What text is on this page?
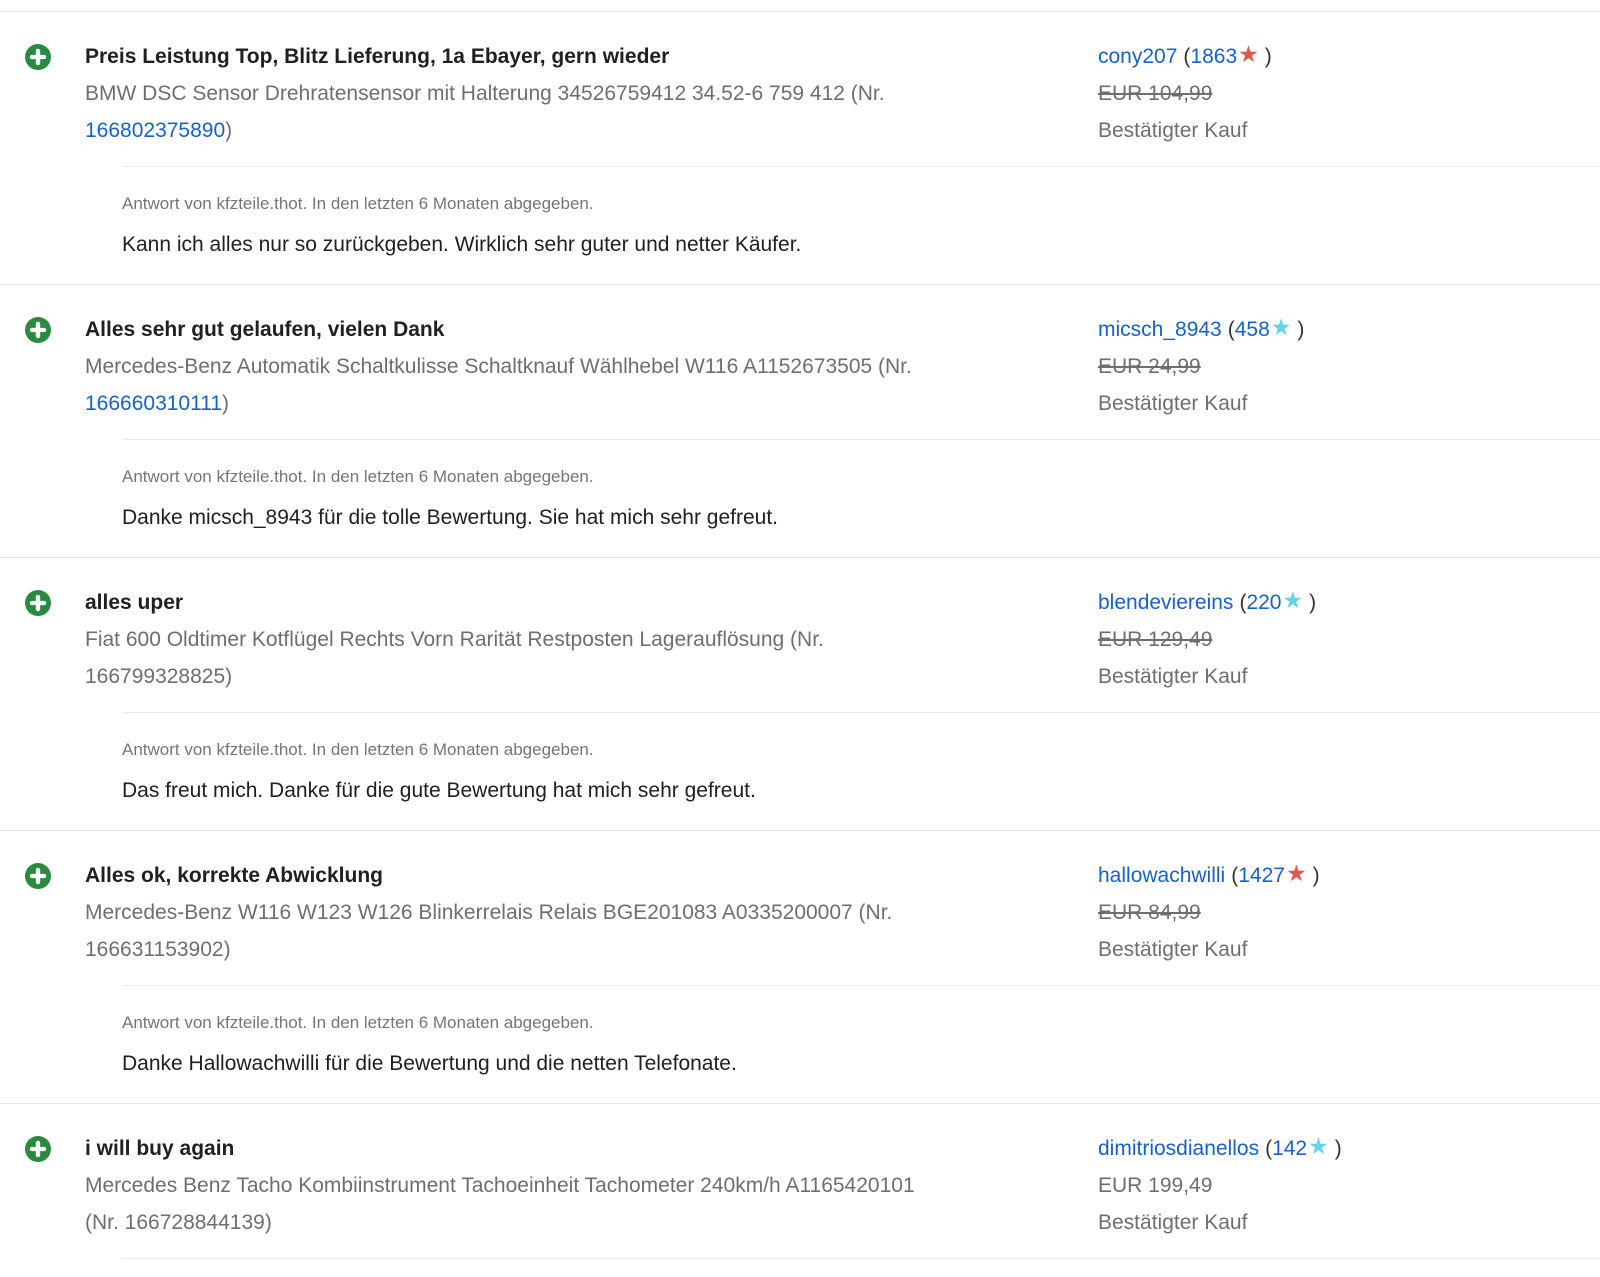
Preis Leistung Top, Blitz Lieferung, 1a Ebayer, gern wieder
BMW DSC Sensor Drehratensensor mit Halterung 34526759412 34.52-6 759 412 (Nr.
166802375890)
cony207 (1863★ )
EUR 104,99
Bestätigter Kauf
Antwort von kfzteile.thot. In den letzten 6 Monaten abgegeben.
Kann ich alles nur so zurückgeben. Wirklich sehr guter und netter Käufer.
Alles sehr gut gelaufen, vielen Dank
Mercedes-Benz Automatik Schaltkulisse Schaltknauf Wählhebel W116 A1152673505 (Nr.
166660310111)
micsch_8943 (458★ )
EUR 24,99
Bestätigter Kauf
Antwort von kfzteile.thot. In den letzten 6 Monaten abgegeben.
Danke micsch_8943 für die tolle Bewertung. Sie hat mich sehr gefreut.
alles uper
Fiat 600 Oldtimer Kotflügel Rechts Vorn Rarität Restposten Lagerauflösung (Nr.
166799328825)
blendeviereins (220★ )
EUR 129,49
Bestätigter Kauf
Antwort von kfzteile.thot. In den letzten 6 Monaten abgegeben.
Das freut mich. Danke für die gute Bewertung hat mich sehr gefreut.
Alles ok, korrekte Abwicklung
Mercedes-Benz W116 W123 W126 Blinkerrelais Relais BGE201083 A0335200007 (Nr.
166631153902)
hallowachwilli (1427★ )
EUR 84,99
Bestätigter Kauf
Antwort von kfzteile.thot. In den letzten 6 Monaten abgegeben.
Danke Hallowachwilli für die Bewertung und die netten Telefonate.
i will buy again
Mercedes Benz Tacho Kombiinstrument Tachoeinheit Tachometer 240km/h A1165420101
(Nr. 166728844139)
dimitriosdianellos (142★ )
EUR 199,49
Bestätigter Kauf
